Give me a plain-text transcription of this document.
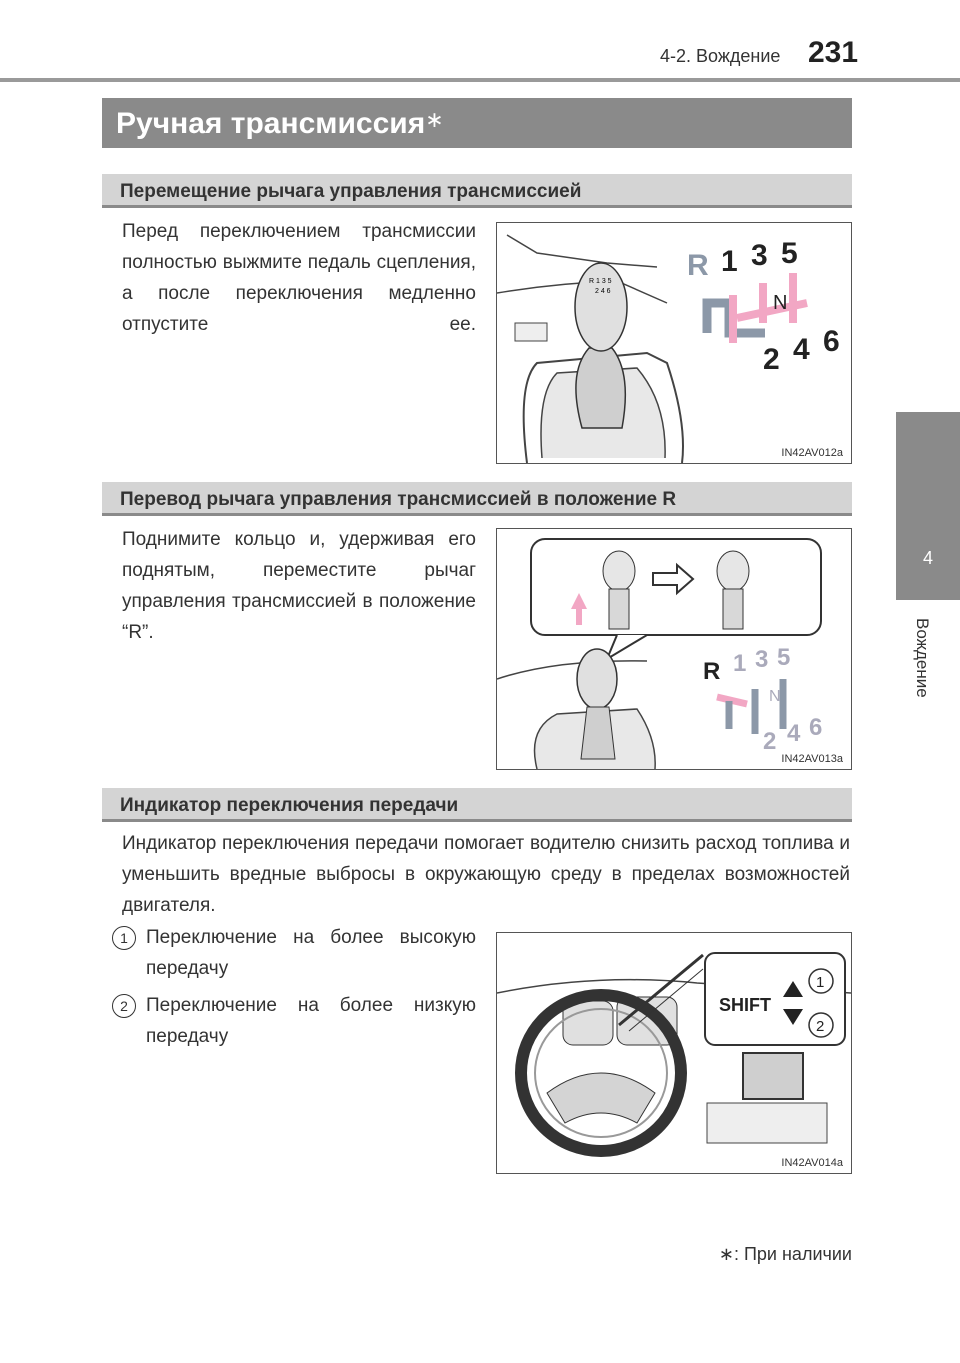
4-2. Вождение 231
4
Вождение
Ручная трансмиссия∗
Перемещение рычага управления трансмиссией
Перед переключением трансмиссии полностью выжмите педаль сцепления, а после переключения медленно отпустите ее.
R 1 3 5
2 4 6
R 1 3 5
N
2 4 6
IN42AV012a
Перевод рычага управления трансмиссией в положение R
Поднимите кольцо и, удерживая его поднятым, переместите рычаг управления трансмиссией в положение “R”.
R 1 3 5
N
2 4 6
IN42AV013a
Индикатор переключения передачи
Индикатор переключения передачи помогает водителю снизить расход топлива и уменьшить вредные выбросы в окружающую среду в пределах возможностей двигателя.
1 Переключение на более высокую передачу
2 Переключение на более низкую передачу
SHIFT
1
2
IN42AV014a
∗: При наличии
